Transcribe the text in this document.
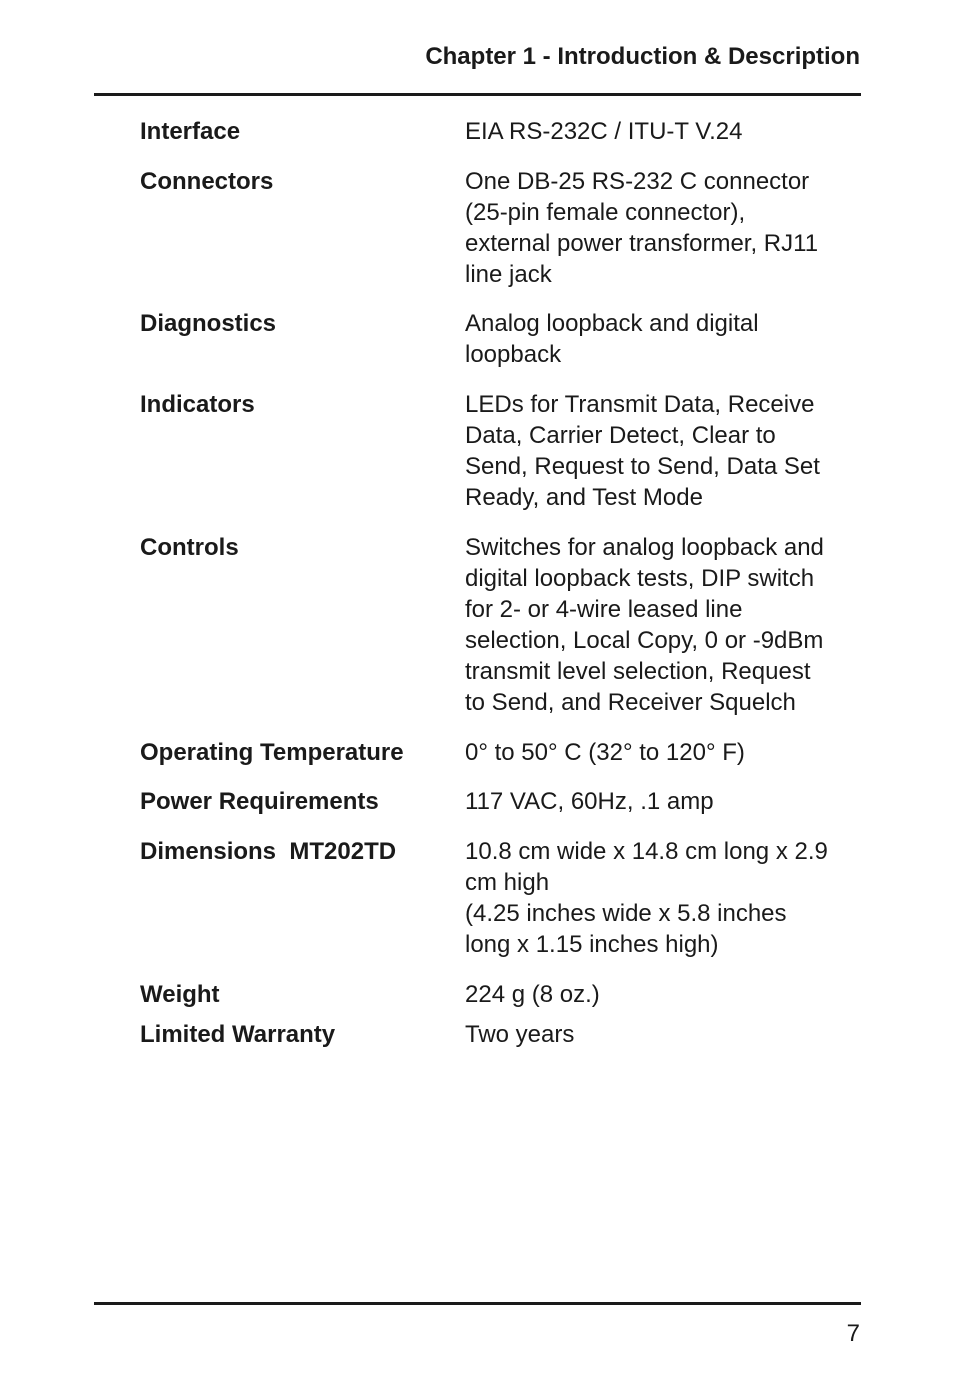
Chapter 1 - Introduction & Description
Interface	EIA RS-232C / ITU-T V.24
Connectors	One DB-25 RS-232 C connector
(25-pin female connector),
external power transformer, RJ11
line jack
Diagnostics	Analog loopback and digital
loopback
Indicators	LEDs for Transmit Data, Receive
Data, Carrier Detect, Clear to
Send, Request to Send, Data Set
Ready, and Test Mode
Controls	Switches for analog loopback and
digital loopback tests, DIP switch
for 2- or 4-wire leased line
selection, Local Copy, 0 or -9dBm
transmit level selection, Request
to Send, and Receiver Squelch
Operating Temperature	0° to 50° C (32° to 120° F)
Power Requirements	117 VAC, 60Hz, .1 amp
Dimensions  MT202TD	10.8 cm wide x 14.8 cm long x 2.9
cm high
(4.25 inches wide x 5.8 inches
long x 1.15 inches high)
Weight	224 g (8 oz.)
Limited Warranty	Two years
7
